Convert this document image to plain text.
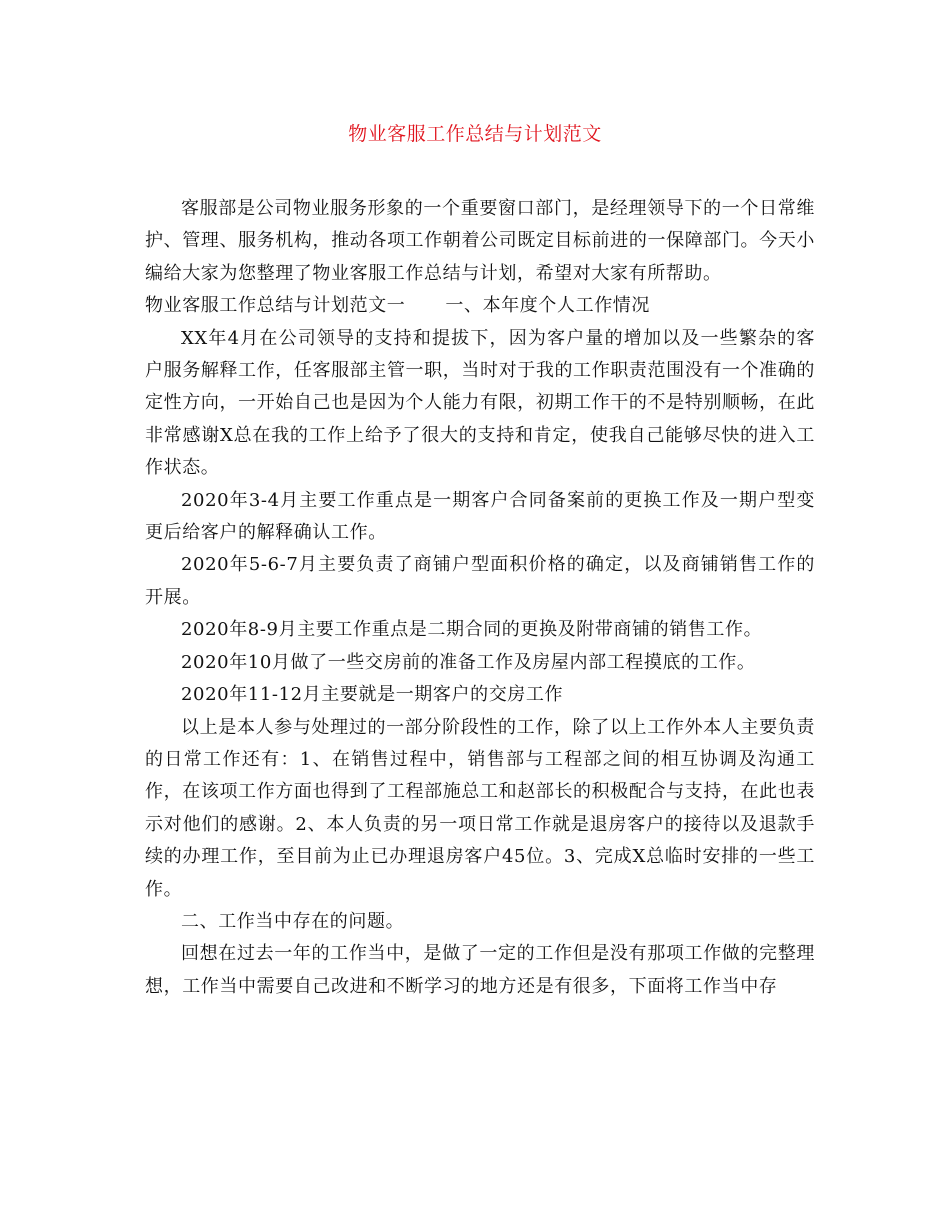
物业客服工作总结与计划范文

客服部是公司物业服务形象的一个重要窗口部门，是经理领导下的一个日常维 护、管理、服务机构，推动各项工作朝着公司既定目标前进的一保障部门。今天小编给大家为您整理了物业客服工作总结与计划，希望对大家有所帮助。

物业客服工作总结与计划范文一 一、本年度个人工作情况

XX年4月在公司领导的支持和提拔下，因为客户量的增加以及一些繁杂的客户服务解释工作，任客服部主管一职，当时对于我的工作职责范围没有一个准确的定性方向，一开始自己也是因为个人能力有限，初期工作干的不是特别顺畅，在此非常感谢X总在我的工作上给予了很大的支持和肯定，使我自己能够尽快的进入工作状态。

2020年3-4月主要工作重点是一期客户合同备案前的更换工作及一期户型变更后给客户的解释确认工作。

2020年5-6-7月主要负责了商铺户型面积价格的确定，以及商铺销售工作的开展。

2020年8-9月主要工作重点是二期合同的更换及附带商铺的销售工作。

2020年10月做了一些交房前的准备工作及房屋内部工程摸底的工作。

2020年11-12月主要就是一期客户的交房工作

以上是本人参与处理过的一部分阶段性的工作，除了以上工作外本人主要负责的日常工作还有：1、在销售过程中，销售部与工程部之间的相互协调及沟通工作，在该项工作方面也得到了工程部施总工和赵部长的积极配合与支持，在此也表示对他们的感谢。2、本人负责的另一项日常工作就是退房客户的接待以及退款手续的办理工作，至目前为止已办理退房客户45位。3、完成X总临时安排的一些工作。

二、工作当中存在的问题。

回想在过去一年的工作当中，是做了一定的工作但是没有那项工作做的完整理想，工作当中需要自己改进和不断学习的地方还是有很多，下面将工作当中存
